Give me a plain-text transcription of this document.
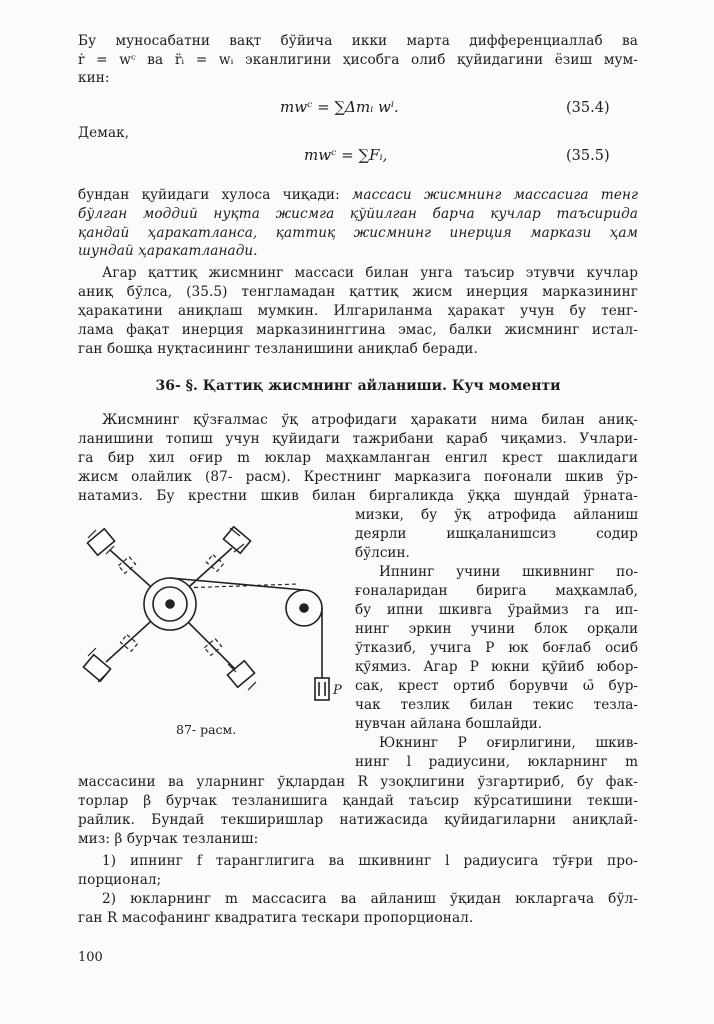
Бу муносабатни вақт бўйича икки марта дифференциаллаб ва
ṙ = wᶜ ва r̈ᵢ = wᵢ эканлигини ҳисобга олиб қуйидагини ёзиш мум-
кин:
mwᶜ = ∑Δmᵢ wⁱ.	(35.4)
Демак,
mwᶜ = ∑Fᵢ,	(35.5)
бундан қуйидаги хулоса чиқади: массаси жисмнинг массасига тенг
бўлган моддий нуқта жисмга қўйилган барча кучлар таъсирида
қандай ҳаракатланса, қаттиқ жисмнинг инерция маркази ҳам
шундай ҳаракатланади.
Агар қаттиқ жисмнинг массаси билан унга таъсир этувчи кучлар
аниқ бўлса, (35.5) тенгламадан қаттиқ жисм инерция марказининг
ҳаракатини аниқлаш мумкин. Илгариланма ҳаракат учун бу тенг-
лама фақат инерция марказининггина эмас, балки жисмнинг истал-
ган бошқа нуқтасининг тезланишини аниқлаб беради.
36- §. Қаттиқ жисмнинг айланиши. Куч моменти
Жисмнинг қўзғалмас ўқ атрофидаги ҳаракати нима билан аниқ-
ланишини топиш учун қуйидаги тажрибани қараб чиқамиз. Учлари-
га бир хил оғир m юклар маҳкамланган енгил крест шаклидаги
жисм олайлик (87- расм). Крестнинг марказига поғонали шкив ўр-
натамиз. Бу крестни шкив билан биргаликда ўққа шундай ўрната-
мизки, бу ўқ атрофида айланиш
деярли ишқаланишсиз содир
бўлсин.
Ипнинг учини шкивнинг по-
ғоналаридан бирига маҳкамлаб,
бу ипни шкивга ўраймиз га ип-
нинг эркин учини блок орқали
ўтказиб, учига P юк боғлаб осиб
қўямиз. Агар P юкни қўйиб юбор-
сак, крест ортиб борувчи ω̄ бур-
чак тезлик билан текис тезла-
нувчан айлана бошлайди.
Юкнинг P оғирлигини, шкив-
нинг l радиусини, юкларнинг m
P
87- расм.
массасини ва уларнинг ўқлардан R узоқлигини ўзгартириб, бу фак-
торлар β бурчак тезланишига қандай таъсир кўрсатишини текши-
райлик. Бундай текширишлар натижасида қуйидагиларни аниқлай-
миз: β бурчак тезланиш:
1) ипнинг f таранглигига ва шкивнинг l радиусига тўғри про-
порционал;
2) юкларнинг m массасига ва айланиш ўқидан юкларгача бўл-
ган R масофанинг квадратига тескари пропорционал.
100
